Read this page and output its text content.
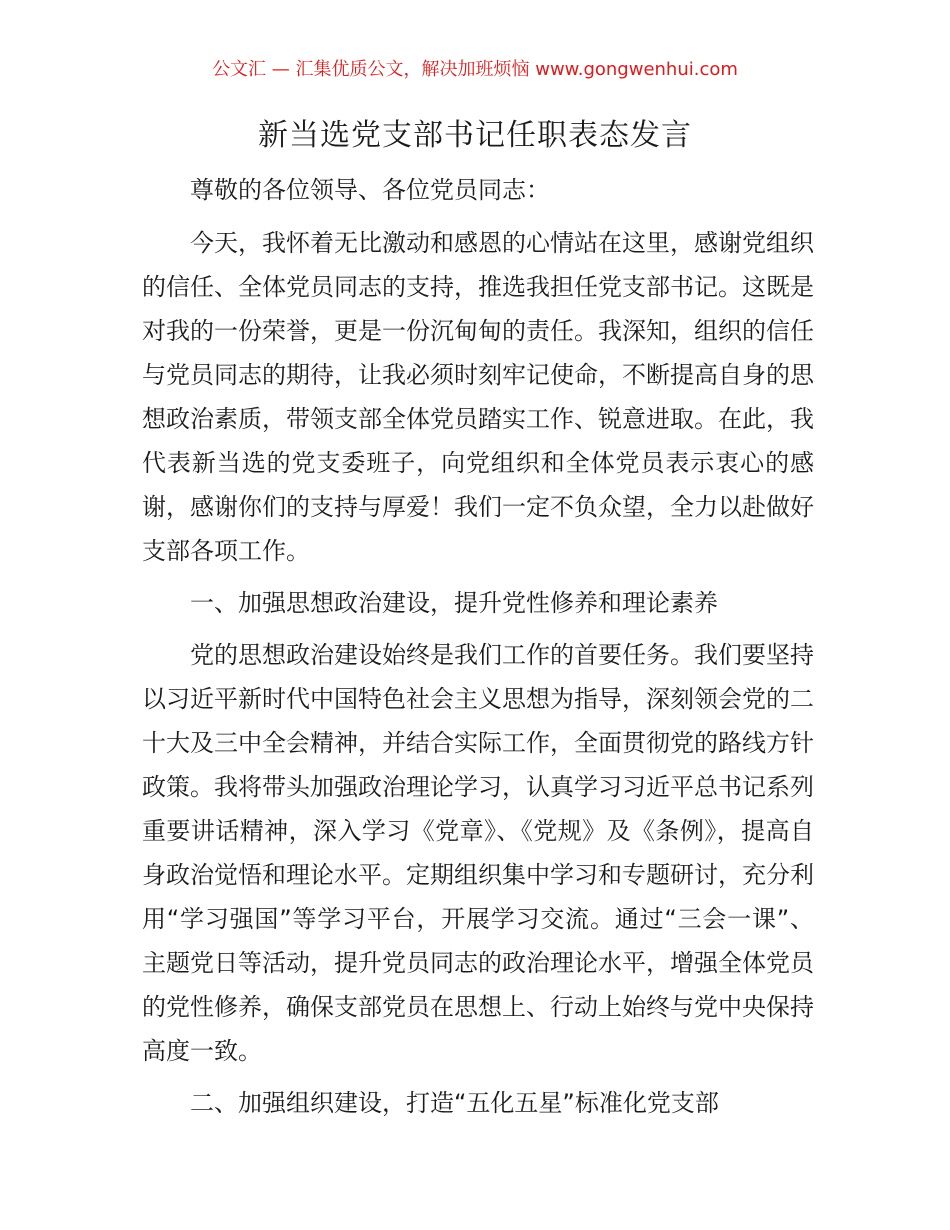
公文汇 — 汇集优质公文，解决加班烦恼 www.gongwenhui.com
新当选党支部书记任职表态发言

尊敬的各位领导、各位党员同志：

今天，我怀着无比激动和感恩的心情站在这里，感谢党组织的信任、全体党员同志的支持，推选我担任党支部书记。这既是对我的一份荣誉，更是一份沉甸甸的责任。我深知，组织的信任与党员同志的期待，让我必须时刻牢记使命，不断提高自身的思想政治素质，带领支部全体党员踏实工作、锐意进取。在此，我代表新当选的党支委班子，向党组织和全体党员表示衷心的感谢，感谢你们的支持与厚爱！我们一定不负众望，全力以赴做好支部各项工作。

一、加强思想政治建设，提升党性修养和理论素养

党的思想政治建设始终是我们工作的首要任务。我们要坚持以习近平新时代中国特色社会主义思想为指导，深刻领会党的二十大及三中全会精神，并结合实际工作，全面贯彻党的路线方针政策。我将带头加强政治理论学习，认真学习习近平总书记系列重要讲话精神，深入学习《党章》、《党规》及《条例》，提高自身政治觉悟和理论水平。定期组织集中学习和专题研讨，充分利用“学习强国”等学习平台，开展学习交流。通过“三会一课”、主题党日等活动，提升党员同志的政治理论水平，增强全体党员的党性修养，确保支部党员在思想上、行动上始终与党中央保持高度一致。

二、加强组织建设，打造“五化五星”标准化党支部
